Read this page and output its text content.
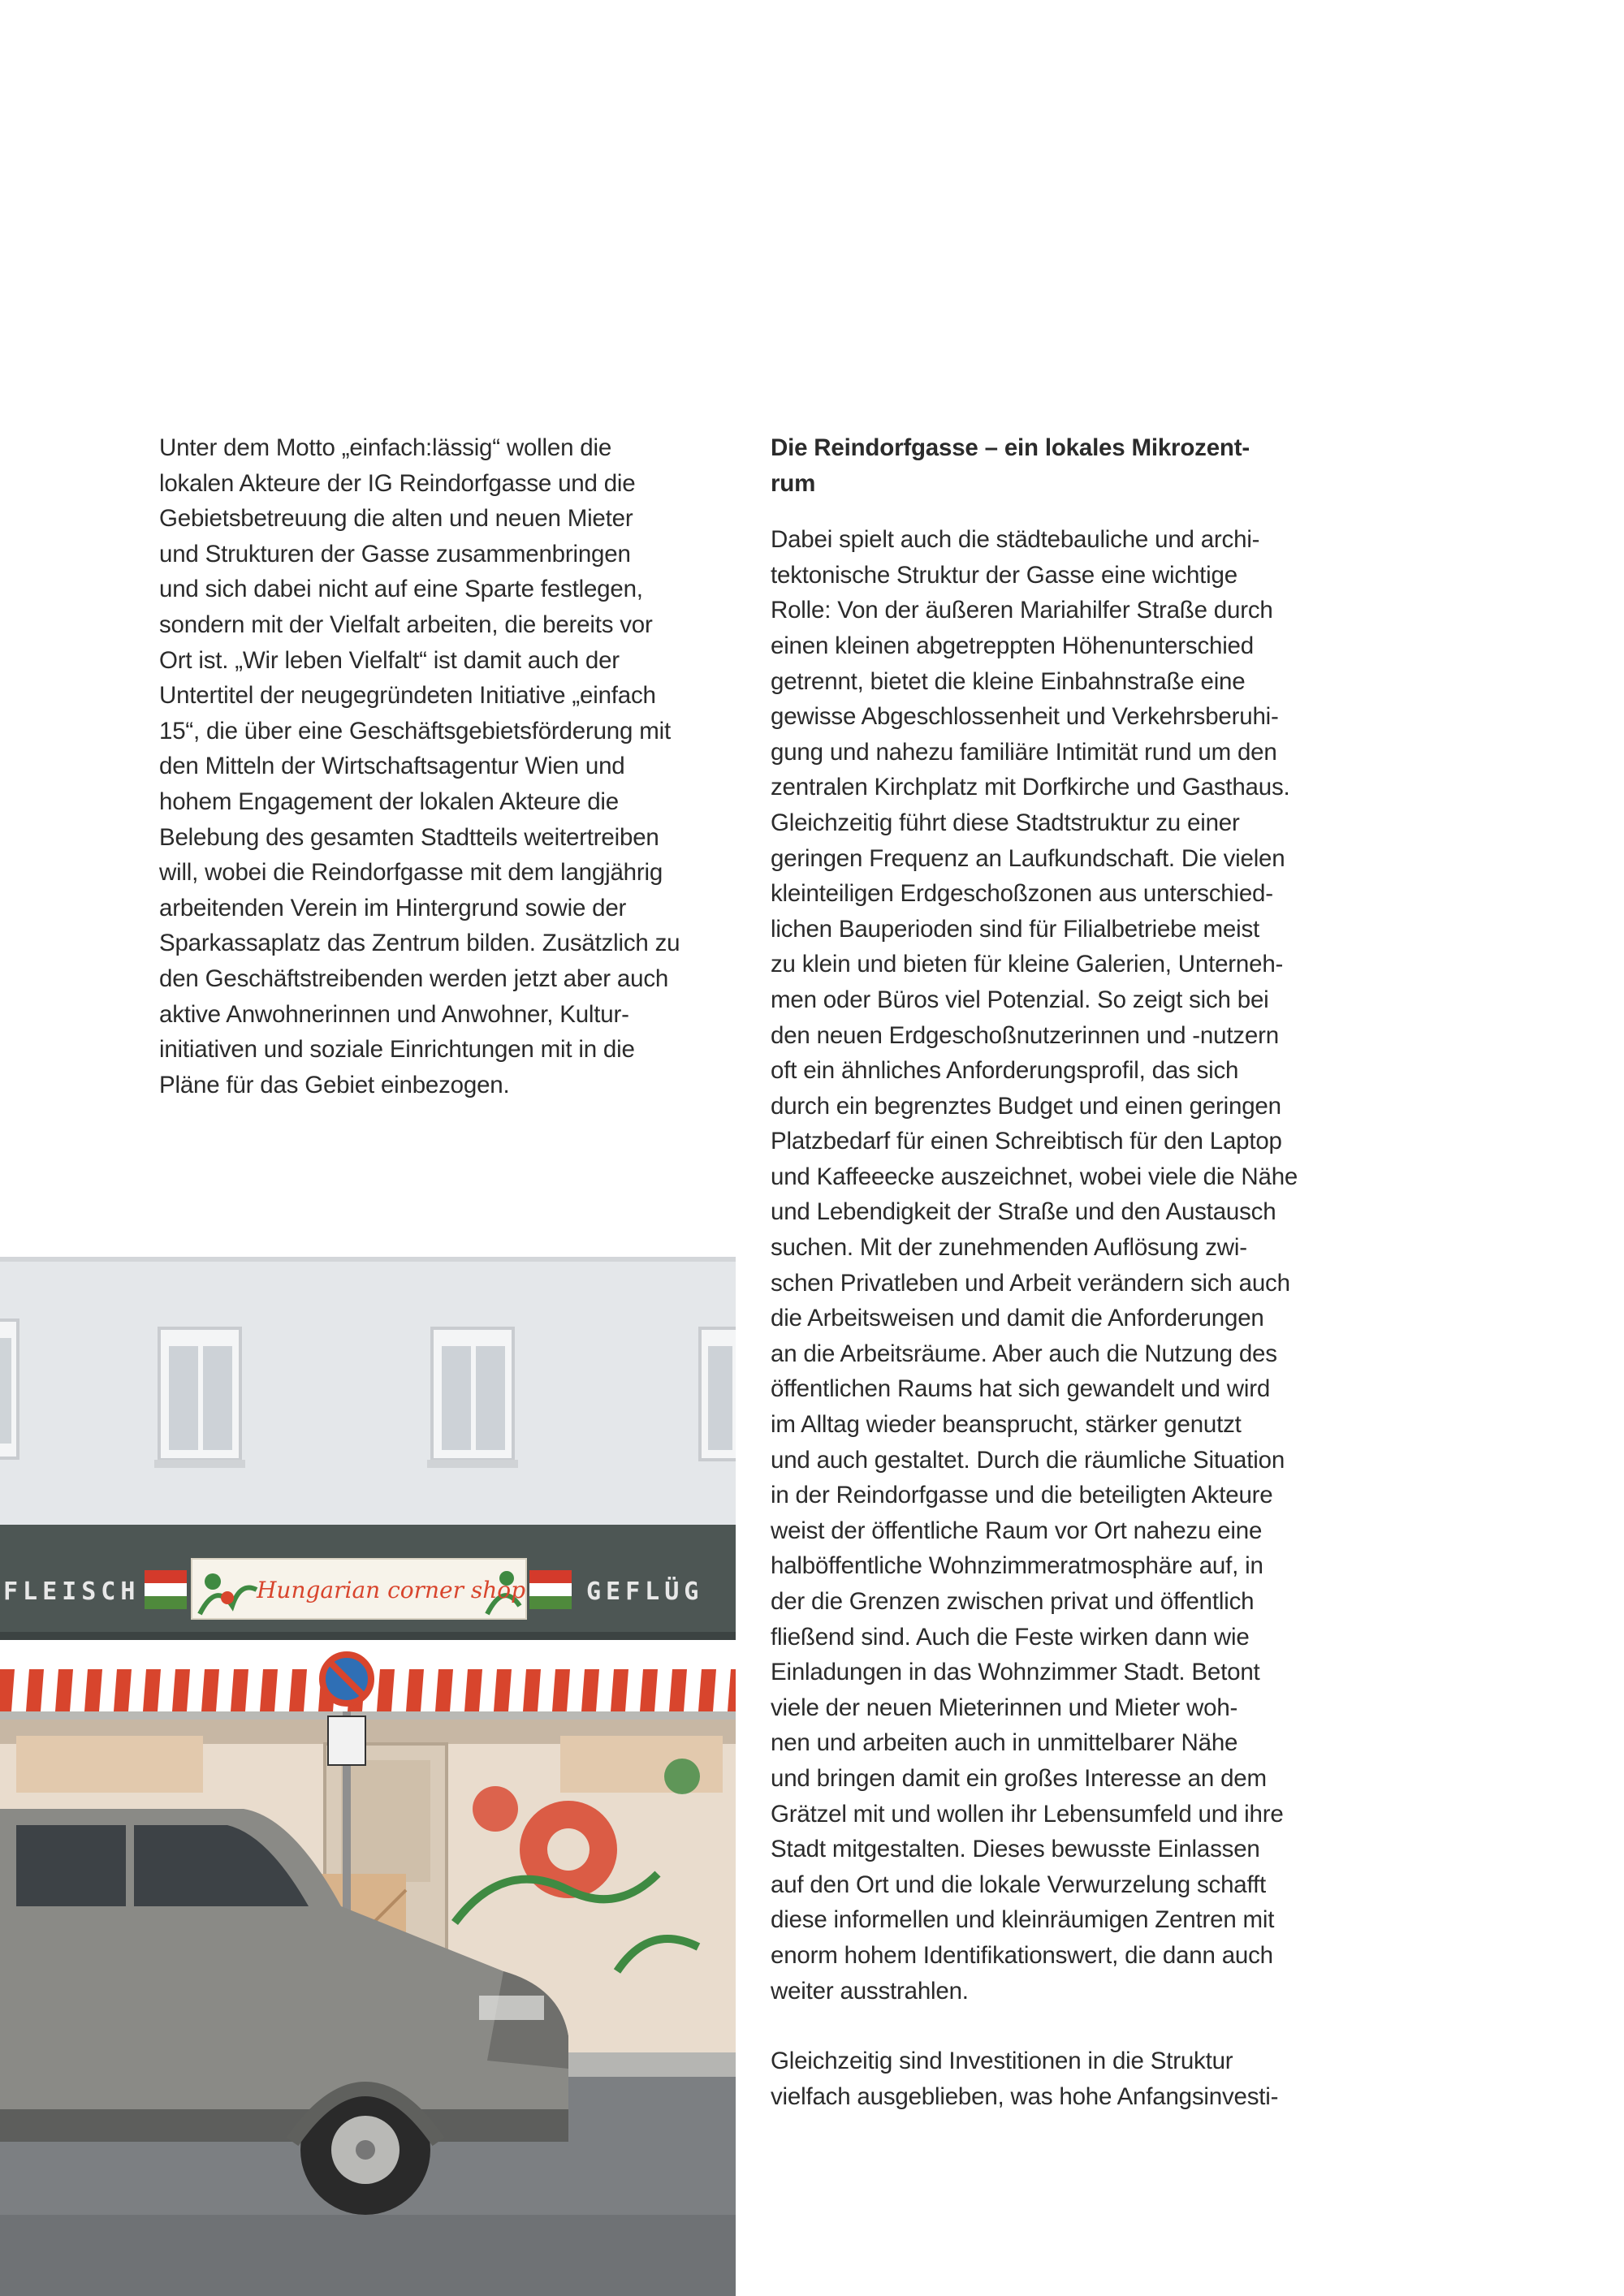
Unter dem Motto „einfach:lässig“ wollen die
lokalen Akteure der IG Reindorfgasse und die
Gebietsbetreuung die alten und neuen Mieter
und Strukturen der Gasse zusammenbringen
und sich dabei nicht auf eine Sparte festlegen,
sondern mit der Vielfalt arbeiten, die bereits vor
Ort ist. „Wir leben Vielfalt“ ist damit auch der
Untertitel der neugegründeten Initiative „einfach
15“, die über eine Geschäftsgebietsförderung mit
den Mitteln der Wirtschaftsagentur Wien und
hohem Engagement der lokalen Akteure die
Belebung des gesamten Stadtteils weitertreiben
will, wobei die Reindorfgasse mit dem langjährig
arbeitenden Verein im Hintergrund sowie der
Sparkassaplatz das Zentrum bilden. Zusätzlich zu
den Geschäftstreibenden werden jetzt aber auch
aktive Anwohnerinnen und Anwohner, Kultur-
initiativen und soziale Einrichtungen mit in die
Pläne für das Gebiet einbezogen.
Die Reindorfgasse – ein lokales Mikrozent-
rum
Dabei spielt auch die städtebauliche und archi-
tektonische Struktur der Gasse eine wichtige
Rolle: Von der äußeren Mariahilfer Straße durch
einen kleinen abgetreppten Höhenunterschied
getrennt, bietet die kleine Einbahnstraße eine
gewisse Abgeschlossenheit und Verkehrsberuhi-
gung und nahezu familiäre Intimität rund um den
zentralen Kirchplatz mit Dorfkirche und Gasthaus.
Gleichzeitig führt diese Stadtstruktur zu einer
geringen Frequenz an Laufkundschaft. Die vielen
kleinteiligen Erdgeschoßzonen aus unterschied-
lichen Bauperioden sind für Filialbetriebe meist
zu klein und bieten für kleine Galerien, Unterneh-
men oder Büros viel Potenzial. So zeigt sich bei
den neuen Erdgeschoßnutzerinnen und -nutzern
oft ein ähnliches Anforderungsprofil, das sich
durch ein begrenztes Budget und einen geringen
Platzbedarf für einen Schreibtisch für den Laptop
und Kaffeeecke auszeichnet, wobei viele die Nähe
und Lebendigkeit der Straße und den Austausch
suchen. Mit der zunehmenden Auflösung zwi-
schen Privatleben und Arbeit verändern sich auch
die Arbeitsweisen und damit die Anforderungen
an die Arbeitsräume. Aber auch die Nutzung des
öffentlichen Raums hat sich gewandelt und wird
im Alltag wieder beansprucht, stärker genutzt
und auch gestaltet. Durch die räumliche Situation
in der Reindorfgasse und die beteiligten Akteure
weist der öffentliche Raum vor Ort nahezu eine
halböffentliche Wohnzimmeratmosphäre auf, in
der die Grenzen zwischen privat und öffentlich
fließend sind. Auch die Feste wirken dann wie
Einladungen in das Wohnzimmer Stadt. Betont
viele der neuen Mieterinnen und Mieter woh-
nen und arbeiten auch in unmittelbarer Nähe
und bringen damit ein großes Interesse an dem
Grätzel mit und wollen ihr Lebensumfeld und ihre
Stadt mitgestalten. Dieses bewusste Einlassen
auf den Ort und die lokale Verwurzelung schafft
diese informellen und kleinräumigen Zentren mit
enorm hohem Identifikationswert, die dann auch
weiter ausstrahlen.
Gleichzeitig sind Investitionen in die Struktur
vielfach ausgeblieben, was hohe Anfangsinvesti-
FLEISCH	GEFLÜG
Hungarian corner shop
